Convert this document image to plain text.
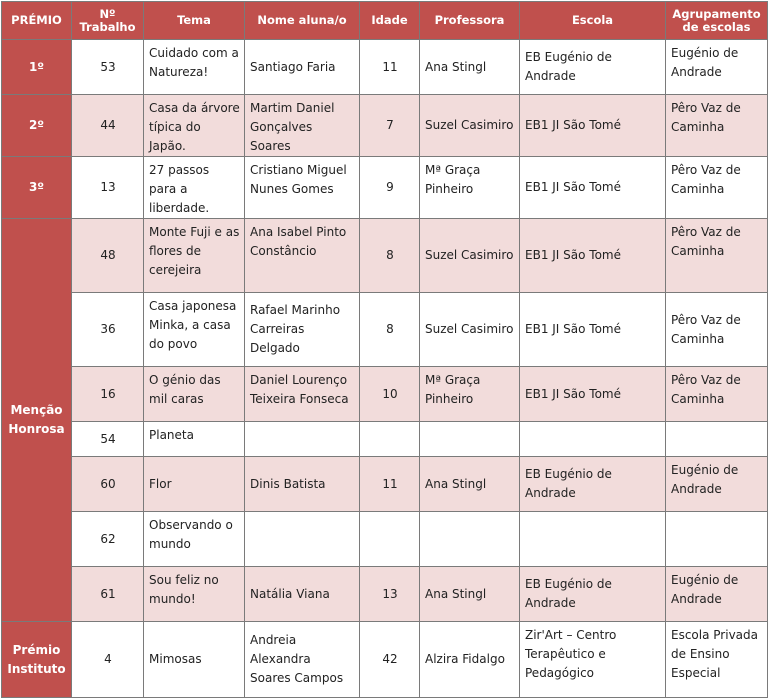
PRÉMIO	Nº
Trabalho	Tema	Nome aluna/o	Idade	Professora	Escola	Agrupamento de escolas
1º	53	Cuidado com a Natureza!	Santiago Faria	11	Ana Stingl	EB Eugénio de Andrade	Eugénio de Andrade
2º	44	Casa da árvore típica do Japão.	Martim Daniel Gonçalves Soares	7	Suzel Casimiro	EB1 JI São Tomé	Pêro Vaz de Caminha
3º	13	27 passos para a liberdade.	Cristiano Miguel Nunes Gomes	9	Mª Graça Pinheiro	EB1 JI São Tomé	Pêro Vaz de Caminha
Menção Honrosa	48	Monte Fuji e as flores de cerejeira	Ana Isabel Pinto Constâncio	8	Suzel Casimiro	EB1 JI São Tomé	Pêro Vaz de Caminha
	36	Casa japonesa Minka, a casa do povo	Rafael Marinho Carreiras Delgado	8	Suzel Casimiro	EB1 JI São Tomé	Pêro Vaz de Caminha
	16	O génio das mil caras	Daniel Lourenço Teixeira Fonseca	10	Mª Graça Pinheiro	EB1 JI São Tomé	Pêro Vaz de Caminha
	54	Planeta					
	60	Flor	Dinis Batista	11	Ana Stingl	EB Eugénio de Andrade	Eugénio de Andrade
	62	Observando o mundo					
	61	Sou feliz no mundo!	Natália Viana	13	Ana Stingl	EB Eugénio de Andrade	Eugénio de Andrade
Prémio Instituto	4	Mimosas	Andreia Alexandra Soares Campos	42	Alzira Fidalgo	Zir'Art – Centro Terapêutico e Pedagógico	Escola Privada de Ensino Especial
